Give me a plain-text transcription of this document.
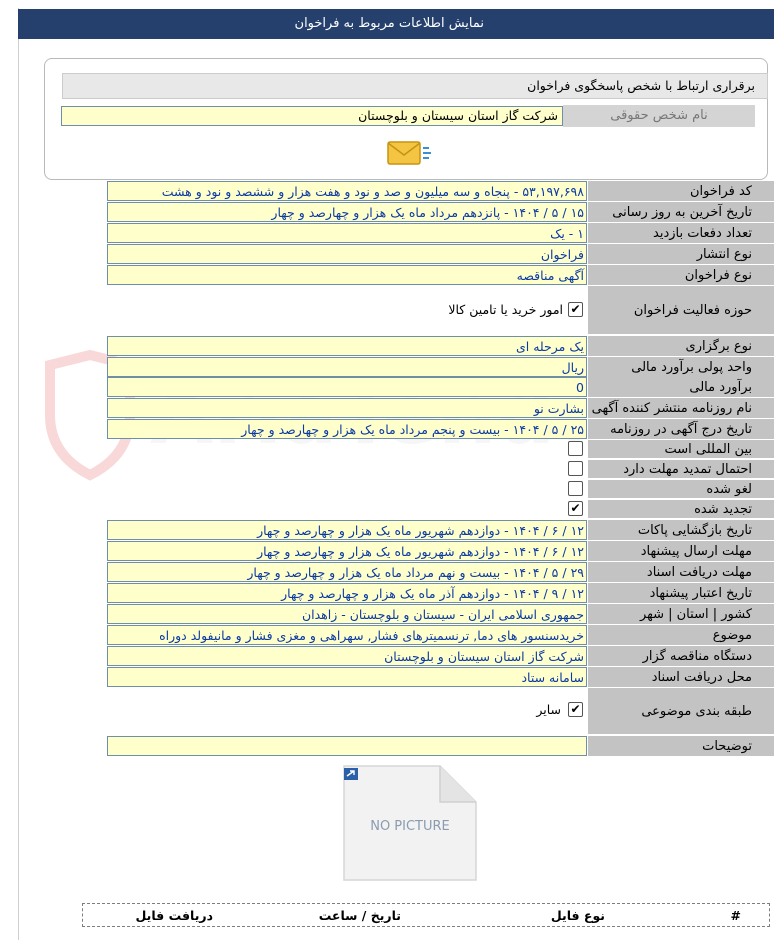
نمایش اطلاعات مربوط به فراخوان
برقراری ارتباط با شخص پاسخگوی فراخوان
نام شخص حقوقی
شرکت گاز استان سیستان و بلوچستان
کد فراخوان
۵۳,۱۹۷,۶۹۸ - پنجاه و سه میلیون و صد و نود و هفت هزار و ششصد و نود و هشت
تاریخ آخرین به روز رسانی
۱۵ / ۵ / ۱۴۰۴ - پانزدهم مرداد ماه یک هزار و چهارصد و چهار
تعداد دفعات بازدید
۱ - یک
نوع انتشار
فراخوان
نوع فراخوان
آگهی مناقصه
حوزه فعالیت فراخوان
✔
امور خرید یا تامین کالا
نوع برگزاری
یک مرحله ای
واحد پولی برآورد مالی
ریال
برآورد مالی
0
نام روزنامه منتشر کننده آگهی
بشارت نو
تاریخ درج آگهی در روزنامه
۲۵ / ۵ / ۱۴۰۴ - بیست و پنجم مرداد ماه یک هزار و چهارصد و چهار
بین المللی است
احتمال تمدید مهلت دارد
لغو شده
تجدید شده
✔
تاریخ بازگشایی پاکات
۱۲ / ۶ / ۱۴۰۴ - دوازدهم شهریور ماه یک هزار و چهارصد و چهار
مهلت ارسال پیشنهاد
۱۲ / ۶ / ۱۴۰۴ - دوازدهم شهریور ماه یک هزار و چهارصد و چهار
مهلت دریافت اسناد
۲۹ / ۵ / ۱۴۰۴ - بیست و نهم مرداد ماه یک هزار و چهارصد و چهار
تاریخ اعتبار پیشنهاد
۱۲ / ۹ / ۱۴۰۴ - دوازدهم آذر ماه یک هزار و چهارصد و چهار
کشور | استان | شهر
جمهوری اسلامی ایران - سیستان و بلوچستان - زاهدان
موضوع
خریدسنسور های دما, ترنسمیترهای فشار, سهراهی و مغزی فشار و مانیفولد دوراه
دستگاه مناقصه گزار
شرکت گاز استان سیستان و بلوچستان
محل دریافت اسناد
سامانه ستاد
طبقه بندی موضوعی
✔
سایر
توضیحات
NO PICTURE
#
نوع فایل
تاریخ / ساعت
دریافت فایل
